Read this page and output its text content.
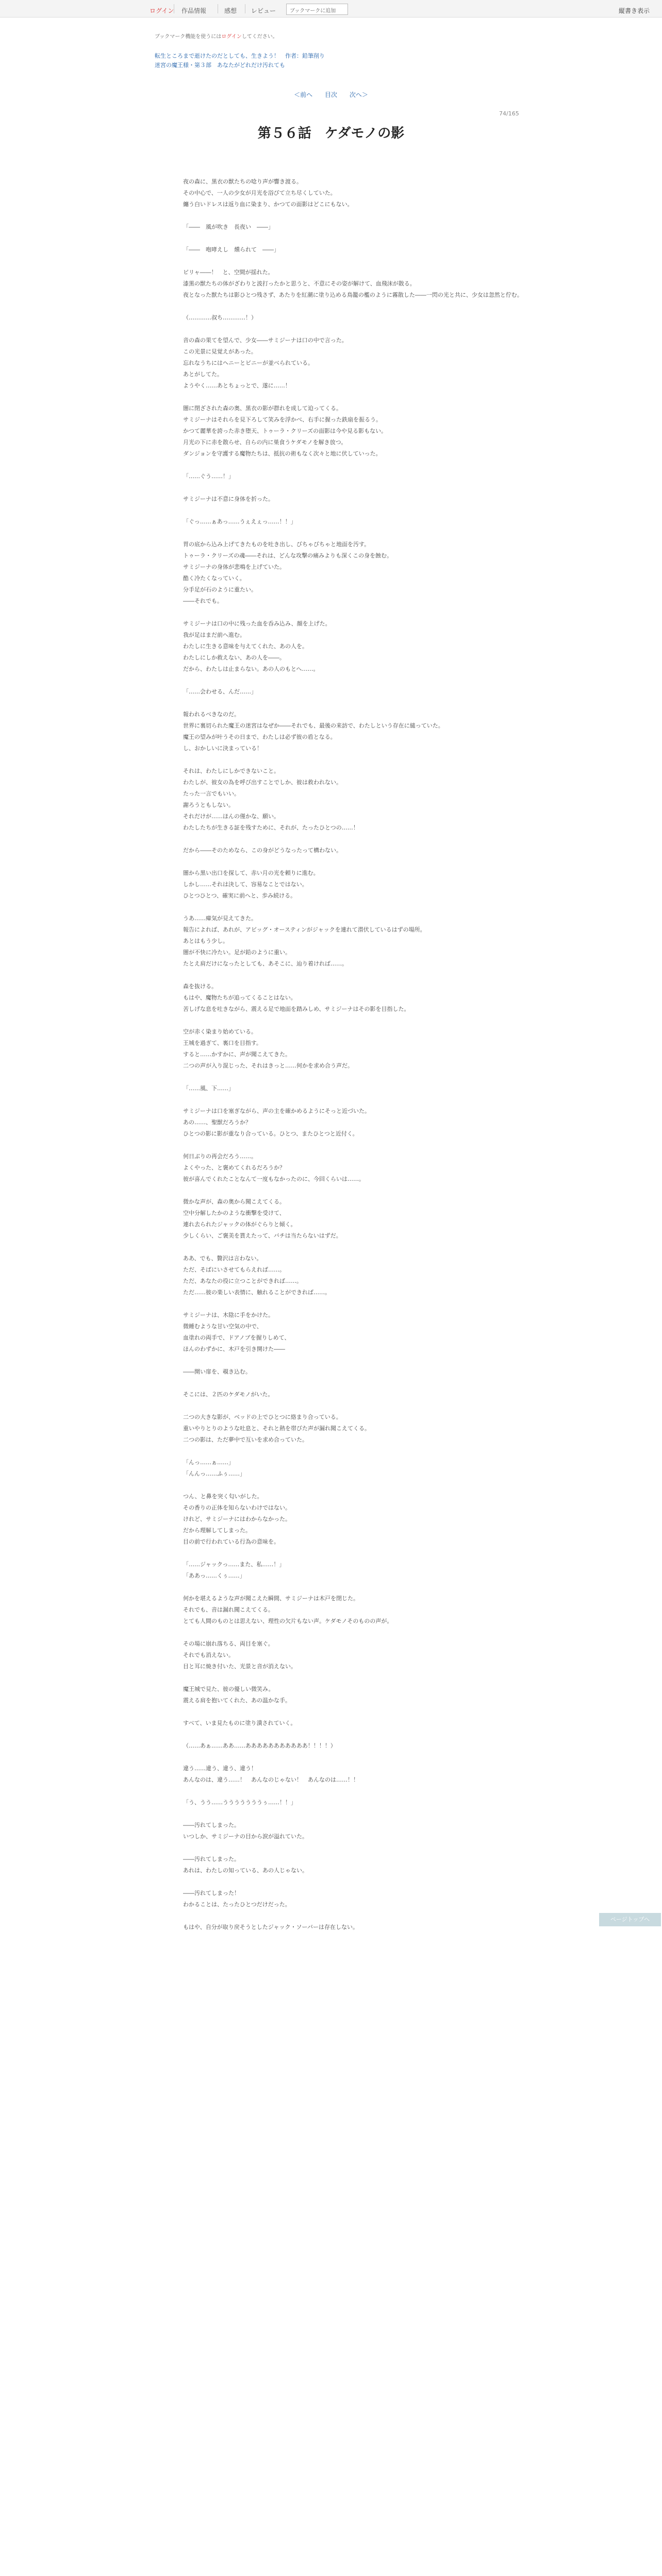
ログイン 作品情報	感想 レビュー	ブックマークに追加	縦書き表示
ブックマーク機能を使うにはログインしてください。
転生ところまで逝けたのだとしても、生きよう！　作者：鉛筆削り
迷宮の魔王様・第３部　あなたがどれだけ汚れても
＜前へ 目次 次へ＞
74/165
第５６話　ケダモノの影
夜の森に、黒衣の獣たちの唸り声が響き渡る。
その中心で、一人の少女が月光を浴びて立ち尽くしていた。
纏う白いドレスは返り血に染まり、かつての面影はどこにもない。
「――　風が吹き　長夜い　――」
「――　咆哮えし　燻られて　――」
ビリャ――！　と、空間が揺れた。
漆黒の獣たちの体がざわりと波打ったかと思うと、不意にその姿が解けて、血飛沫が散る。
夜となった獣たちは影ひとつ残さず、あたりを紅潮に塗り込める鳥籠の檻のように霧散した――一閃の光と共に、少女は忽然と佇む。
（…………叔ち…………！）
音の森の果てを望んで、少女――サミジーナは口の中で言った。
この光景に見覚えがあった。
忘れなうちにはヘニーとビニーが並べられている。
あとがしてた。
ようやく……あとちょっとで、遂に……！
闇に閉ざされた森の奥、黒衣の影が群れを成して迫ってくる。
サミジーナはそれらを見下ろして笑みを浮かべ、右手に握った鉄扇を振るう。
かつて麗華を誇った赤き堕天、トゥーラ・クリーズの面影は今や見る影もない。
月光の下に赤を散らせ、自らの内に巣食うケダモノを解き放つ。
ダンジョンを守護する魔物たちは、抵抗の術もなく次々と地に伏していった。
「……ぐう……！」
サミジーナは不意に身体を折った。
「ぐっ……ぁあっ……うぇえぇっ……！！」
胃の底から込み上げてきたものを吐き出し、びちゃびちゃと地面を汚す。
トゥーラ・クリーズの魂――それは、どんな攻撃の痛みよりも深くこの身を蝕む。
サミジーナの身体が悲鳴を上げていた。
酷く冷たくなっていく。
分手足が石のように重たい。
――それでも。
サミジーナは口の中に残った血を呑み込み、顔を上げた。
我が足はまだ前へ進む。
わたしに生きる意味を与えてくれた、あの人を。
わたしにしか救えない、あの人を――。
だから、わたしは止まらない。あの人のもとへ……。
「……会わせる、んだ……」
報われるべきなのだ。
世界に裏切られた魔王の迷宮はなぜか――それでも、最後の来訪で、わたしという存在に縋っていた。
魔王の望みが叶うその日まで、わたしは必ず彼の盾となる。
し、おかしいに決まっている！
それは、わたしにしかできないこと。
わたしが、彼女の為を呼び出すことでしか、彼は救われない。
たった一言でもいい。
謝ろうともしない。
それだけが……ほんの僅かな、願い。
わたしたちが生きる証を残すために、それが、たったひとつの……！
だから――そのためなら、この身がどうなったって構わない。
闇から黒い出口を探して、赤い月の光を頼りに進む。
しかし……それは決して、容易なことではない。
ひとつひとつ、確実に前へと、歩み続ける。
うあ……瘴気が見えてきた。
報告によれば、あれが、アビッグ・オースティンがジャックを連れて潜伏しているはずの場所。
あとはもう少し。
闇が不快に冷たい。足が鉛のように重い。
たとえ肩だけになったとしても、あそこに、辿り着ければ……。
森を抜ける。
もはや、魔物たちが追ってくることはない。
苦しげな息を吐きながら、震える足で地面を踏みしめ、サミジーナはその影を目指した。
空が赤く染まり始めている。
王城を過ぎて、裏口を目指す。
すると……かすかに、声が聞こえてきた。
二つの声が入り混じった、それはきっと……何かを求め合う声だ。
「……風、下……」
サミジーナは口を塞ぎながら、声の主を確かめるようにそっと近づいた。
あの……、聖獣だろうか？
ひとつの影に影が重なり合っている。ひとつ、またひとつと近付く。
何日ぶりの再会だろう……。
よくやった、と褒めてくれるだろうか？
彼が喜んでくれたことなんて一度もなかったのに、今回くらいは……。
微かな声が、森の奥から聞こえてくる。
空中分解したかのような衝撃を受けて、
連れ去られたジャックの体がぐらりと傾く。
少しくらい、ご褒美を貰えたって、バチは当たらないはずだ。
ああ、でも、贅沢は言わない。
ただ、そばにいさせてもらえれば……。
ただ、あなたの役に立つことができれば……。
ただ……彼の楽しい表情に、触れることができれば……。
サミジーナは、木陰に手をかけた。
微睡むような甘い空気の中で、
血塗れの両手で、ドアノブを握りしめて、
ほんのわずかに、木戸を引き開けた――
――開い扉を、覗き込む。
そこには、２匹のケダモノがいた。
二つの大きな影が、ベッドの上でひとつに絡まり合っている。
重いやりとりのような吐息と、それと熱を帯びた声が漏れ聞こえてくる。
二つの影は、ただ夢中で互いを求め合っていた。
「んっ……ぁ……」
「んんっ……ふぅ……」
つん、と鼻を突く匂いがした。
その香りの正体を知らないわけではない。
けれど、サミジーナにはわからなかった。
だから理解してしまった。
目の前で行われている行為の意味を。
「……ジャックっ……また、私……！」
「ああっ……くぅ……」
何かを堪えるような声が聞こえた瞬間、サミジーナは木戸を閉じた。
それでも、音は漏れ聞こえてくる。
とても人間のものとは思えない、理性の欠片もない声。ケダモノそのものの声が。
その場に崩れ落ちる、両目を塞ぐ。
それでも消えない。
目と耳に焼き付いた、光景と音が消えない。
魔王城で見た、彼の優しい微笑み。
震える肩を抱いてくれた、あの温かな手。
すべて、いま見たものに塗り潰されていく。
（……あぁ……ああ……あああああああああああ！！！！）
違う……違う、違う、違う！
あんなのは、違う……！　あんなのじゃない！　あんなのは……！！
「う、うう……うううううううぅ……！！」
――汚れてしまった。
いつしか、サミジーナの目から涙が溢れていた。
――汚れてしまった。
あれは、わたしの知っている、あの人じゃない。
――汚れてしまった！
わかることは、たったひとつだけだった。
もはや、自分が取り戻そうとしたジャック・ソーバーは存在しない。
ページトップへ
